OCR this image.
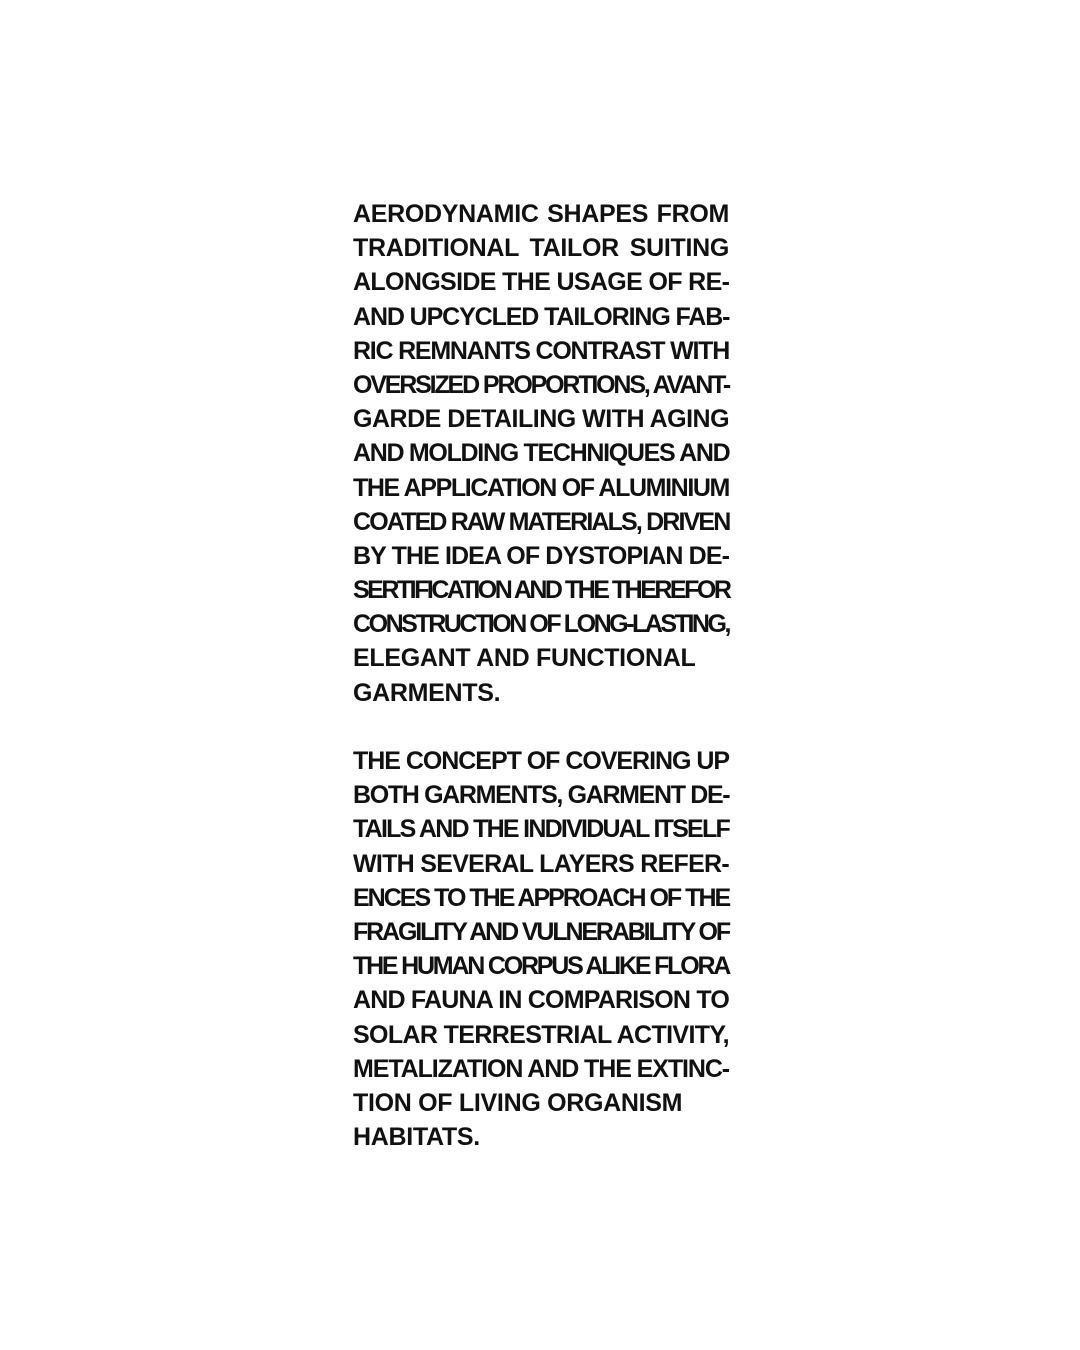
AERODYNAMIC SHAPES FROM
TRADITIONAL TAILOR SUITING
ALONGSIDE THE USAGE OF RE-
AND UPCYCLED TAILORING FAB-
RIC REMNANTS CONTRAST WITH
OVERSIZED PROPORTIONS, AVANT-
GARDE DETAILING WITH AGING
AND MOLDING TECHNIQUES AND
THE APPLICATION OF ALUMINIUM
COATED RAW MATERIALS, DRIVEN
BY THE IDEA OF DYSTOPIAN DE-
SERTIFICATION AND THE THEREFOR
CONSTRUCTION OF LONG-LASTING,
ELEGANT AND FUNCTIONAL
GARMENTS.
THE CONCEPT OF COVERING UP
BOTH GARMENTS, GARMENT DE-
TAILS AND THE INDIVIDUAL ITSELF
WITH SEVERAL LAYERS REFER-
ENCES TO THE APPROACH OF THE
FRAGILITY AND VULNERABILITY OF
THE HUMAN CORPUS ALIKE FLORA
AND FAUNA IN COMPARISON TO
SOLAR TERRESTRIAL ACTIVITY,
METALIZATION AND THE EXTINC-
TION OF LIVING ORGANISM
HABITATS.
